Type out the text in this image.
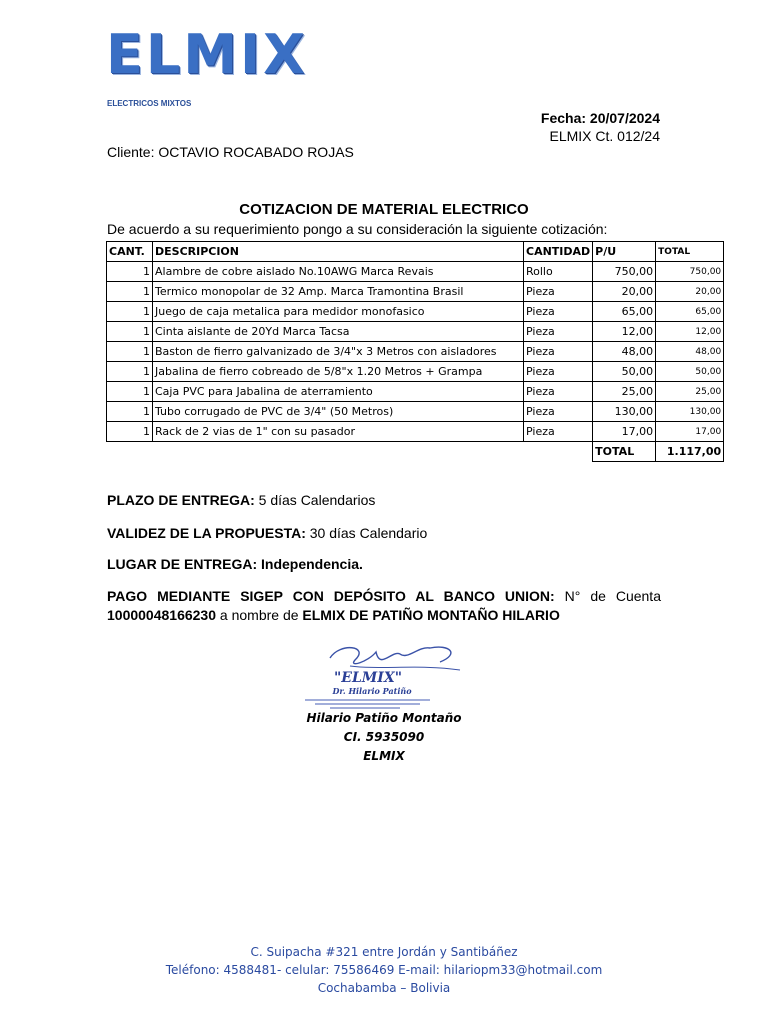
ELMIX
ELECTRICOS MIXTOS
Fecha: 20/07/2024
ELMIX Ct. 012/24
Cliente: OCTAVIO ROCABADO ROJAS
COTIZACION DE MATERIAL ELECTRICO
De acuerdo a su requerimiento pongo a su consideración la siguiente cotización:
CANT.	DESCRIPCION	CANTIDAD	P/U	TOTAL
1	Alambre de cobre aislado No.10AWG Marca Revais	Rollo	750,00	750,00
1	Termico monopolar de 32 Amp. Marca Tramontina Brasil	Pieza	20,00	20,00
1	Juego de caja metalica para medidor monofasico	Pieza	65,00	65,00
1	Cinta aislante de 20Yd Marca Tacsa	Pieza	12,00	12,00
1	Baston de fierro galvanizado de 3/4"x 3 Metros con aisladores	Pieza	48,00	48,00
1	Jabalina de fierro cobreado de 5/8"x 1.20 Metros + Grampa	Pieza	50,00	50,00
1	Caja PVC para Jabalina de aterramiento	Pieza	25,00	25,00
1	Tubo corrugado de PVC de 3/4" (50 Metros)	Pieza	130,00	130,00
1	Rack de 2 vias de 1" con su pasador	Pieza	17,00	17,00
			TOTAL	1.117,00
PLAZO DE ENTREGA: 5 días Calendarios
VALIDEZ DE LA PROPUESTA: 30 días Calendario
LUGAR DE ENTREGA: Independencia.
PAGO MEDIANTE SIGEP CON DEPÓSITO AL BANCO UNION: N° de Cuenta
10000048166230 a nombre de ELMIX DE PATIÑO MONTAÑO HILARIO
"ELMIX"
Dr. Hilario Patiño
Hilario Patiño Montaño
CI. 5935090
ELMIX
C. Suipacha #321 entre Jordán y Santibáñez
Teléfono: 4588481- celular: 75586469 E-mail: hilariopm33@hotmail.com
Cochabamba – Bolivia
